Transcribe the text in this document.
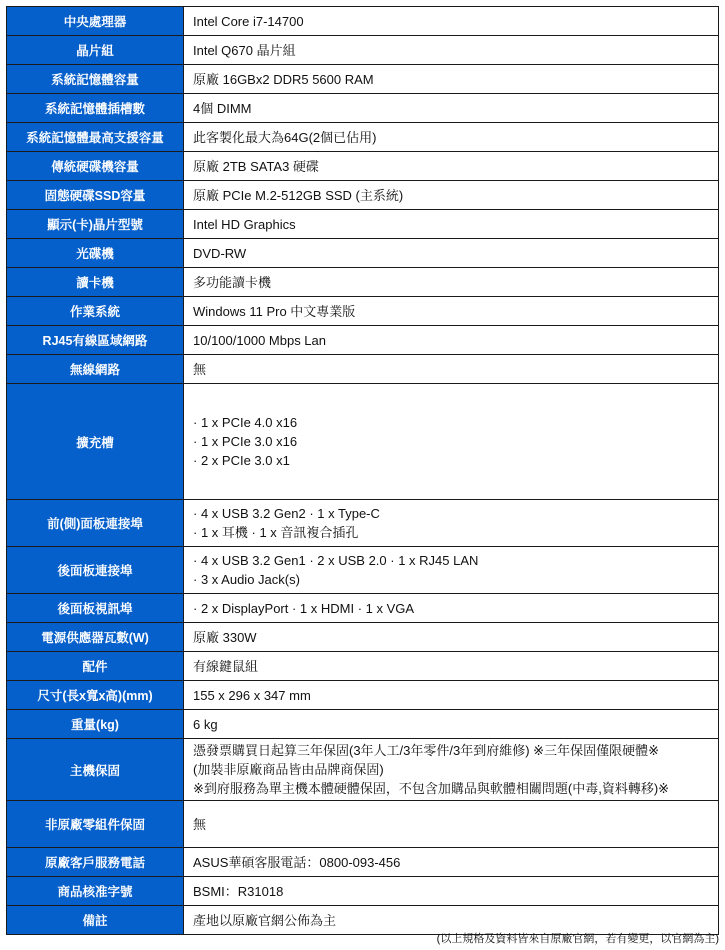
中央處理器	Intel Core i7-14700

晶片組	Intel Q670 晶片組

系統記憶體容量	原廠 16GBx2 DDR5 5600 RAM

系統記憶體插槽數	4個 DIMM

系統記憶體最高支援容量	此客製化最大為64G(2個已佔用)

傳統硬碟機容量	原廠 2TB SATA3 硬碟

固態硬碟SSD容量	原廠 PCIe M.2-512GB SSD (主系統)

顯示(卡)晶片型號	Intel HD Graphics

光碟機	DVD-RW

讀卡機	多功能讀卡機

作業系統	Windows 11 Pro 中文專業版

RJ45有線區域網路	10/100/1000 Mbps Lan

無線網路	無

擴充槽	· 1 x PCIe 4.0 x16
· 1 x PCIe 3.0 x16
· 2 x PCIe 3.0 x1

前(側)面板連接埠	· 4 x USB 3.2 Gen2 · 1 x Type-C
· 1 x 耳機 · 1 x 音訊複合插孔

後面板連接埠	· 4 x USB 3.2 Gen1 · 2 x USB 2.0 · 1 x RJ45 LAN
· 3 x Audio Jack(s)

後面板視訊埠	· 2 x DisplayPort · 1 x HDMI · 1 x VGA

電源供應器瓦數(W)	原廠 330W

配件	有線鍵鼠組

尺寸(長x寬x高)(mm)	155 x 296 x 347 mm

重量(kg)	6 kg

主機保固	憑發票購買日起算三年保固(3年人工/3年零件/3年到府維修) ※三年保固僅限硬體※
(加裝非原廠商品皆由品牌商保固)
※到府服務為單主機本體硬體保固，不包含加購品與軟體相關問題(中毒,資料轉移)※

非原廠零組件保固	無

原廠客戶服務電話	ASUS華碩客服電話：0800-093-456

商品核准字號	BSMI：R31018

備註	產地以原廠官網公佈為主
(以上規格及資料皆來自原廠官網，若有變更，以官網為主)
